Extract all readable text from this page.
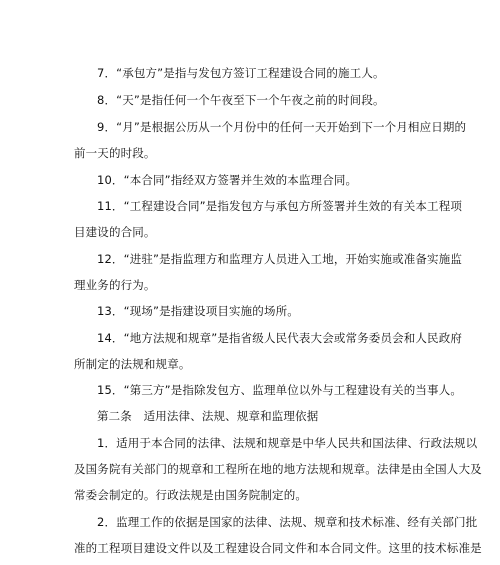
7．“承包方”是指与发包方签订工程建设合同的施工人。
8．“天”是指任何一个午夜至下一个午夜之前的时间段。
9．“月”是根据公历从一个月份中的任何一天开始到下一个月相应日期的
前一天的时段。
10．“本合同”指经双方签署并生效的本监理合同。
11．“工程建设合同”是指发包方与承包方所签署并生效的有关本工程项
目建设的合同。
12．“进驻”是指监理方和监理方人员进入工地，开始实施或准备实施监
理业务的行为。
13．“现场”是指建设项目实施的场所。
14．“地方法规和规章”是指省级人民代表大会或常务委员会和人民政府
所制定的法规和规章。
15．“第三方”是指除发包方、监理单位以外与工程建设有关的当事人。
第二条　适用法律、法规、规章和监理依据
1．适用于本合同的法律、法规和规章是中华人民共和国法律、行政法规以
及国务院有关部门的规章和工程所在地的地方法规和规章。法律是由全国人大及
常委会制定的。行政法规是由国务院制定的。
2．监理工作的依据是国家的法律、法规、规章和技术标准、经有关部门批
准的工程项目建设文件以及工程建设合同文件和本合同文件。这里的技术标准是
